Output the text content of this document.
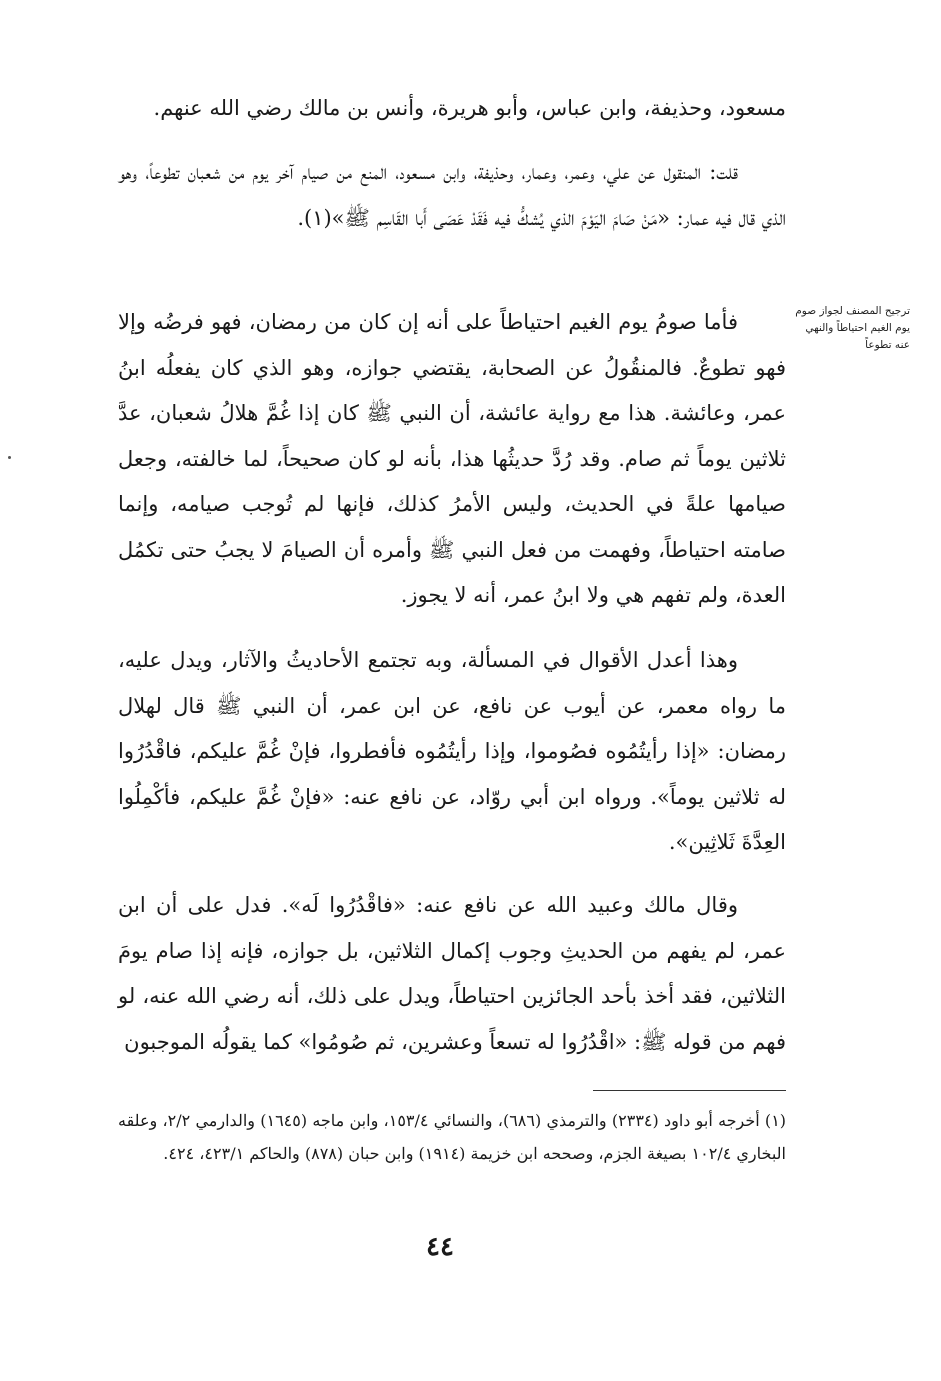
مسعود، وحذيفة، وابن عباس، وأبو هريرة، وأنس بن مالك رضي الله عنهم.

قلت: المنقول عن علي، وعمر، وعمار، وحذيفة، وابن مسعود، المنع من صيام آخر يوم من شعبان تطوعاً، وهو الذي قال فيه عمار: «مَنْ صَامَ اليَوْمَ الذي يُشكُّ فيه فَقَدْ عَصَى أَبا القَاسِم ﷺ»(١).

فأما صومُ يوم الغيم احتياطاً على أنه إن كان من رمضان، فهو فرضُه وإلا فهو تطوعٌ. فالمنقُولُ عن الصحابة، يقتضي جوازه، وهو الذي كان يفعلُه ابنُ عمر، وعائشة. هذا مع رواية عائشة، أن النبي ﷺ كان إذا غُمَّ هلالُ شعبان، عدَّ ثلاثين يوماً ثم صام. وقد رُدَّ حديثُها هذا، بأنه لو كان صحيحاً، لما خالفته، وجعل صيامها علةً في الحديث، وليس الأمرُ كذلك، فإنها لم تُوجب صيامه، وإنما صامته احتياطاً، وفهمت من فعل النبي ﷺ وأمره أن الصيامَ لا يجبُ حتى تكمُل العدة، ولم تفهم هي ولا ابنُ عمر، أنه لا يجوز.

وهذا أعدل الأقوال في المسألة، وبه تجتمع الأحاديثُ والآثار، ويدل عليه، ما رواه معمر، عن أيوب عن نافع، عن ابن عمر، أن النبي ﷺ قال لهلال رمضان: «إذا رأيتُمُوه فصُوموا، وإذا رأيتُمُوه فأفطروا، فإنْ غُمَّ عليكم، فاقْدُرُوا له ثلاثين يوماً». ورواه ابن أبي روّاد، عن نافع عنه: «فإنْ غُمَّ عليكم، فأكْمِلُوا العِدَّةَ ثَلاثِين».

وقال مالك وعبيد الله عن نافع عنه: «فاقْدُرُوا لَه». فدل على أن ابن عمر، لم يفهم من الحديثِ وجوب إكمال الثلاثين، بل جوازه، فإنه إذا صام يومَ الثلاثين، فقد أخذ بأحد الجائزين احتياطاً، ويدل على ذلك، أنه رضي الله عنه، لو فهم من قوله ﷺ: «اقْدُرُوا له تسعاً وعشرين، ثم صُومُوا» كما يقولُه الموجبون

ترجيح المصنف لجواز صوم يوم الغيم احتياطاً والنهي عنه تطوعاً
(١) أخرجه أبو داود (٢٣٣٤) والترمذي (٦٨٦)، والنسائي ١٥٣/٤، وابن ماجه (١٦٤٥) والدارمي ٢/٢، وعلقه البخاري ١٠٢/٤ بصيغة الجزم، وصححه ابن خزيمة (١٩١٤) وابن حبان (٨٧٨) والحاكم ٤٢٣/١، ٤٢٤.
٤٤
